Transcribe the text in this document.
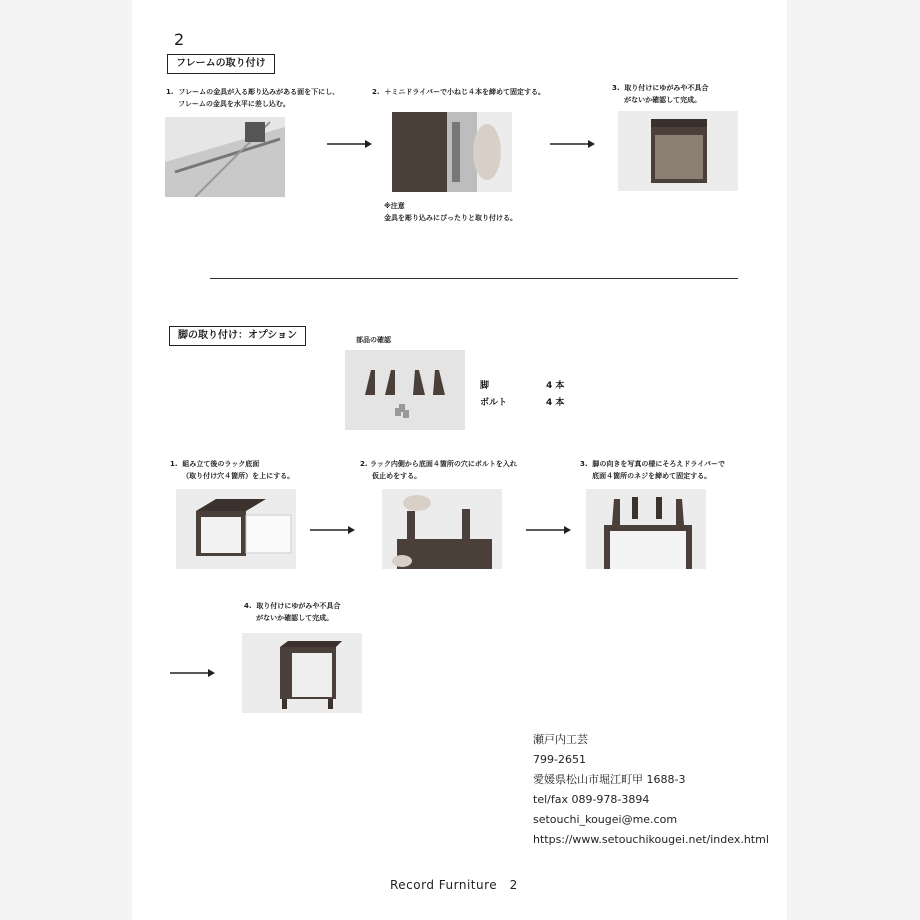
2
フレームの取り付け
1.  フレームの金具が入る彫り込みがある面を下にし、
フレームの金具を水平に差し込む。
2.  ＋ミニドライバーで小ねじ４本を締めて固定する。	3.  取り付けにゆがみや不具合
がないか確認して完成。
※注意
金具を彫り込みにぴったりと取り付ける。
脚の取り付け：オプション	部品の確認
脚	4 本
ボルト	4 本
1.  組み立て後のラック底面
（取り付け穴４箇所）を上にする。
2. ラック内側から底面４箇所の穴にボルトを入れ
仮止めをする。
3.  脚の向きを写真の様にそろえドライバーで
底面４箇所のネジを締めて固定する。
4.  取り付けにゆがみや不具合
がないか確認して完成。
瀬戸内工芸
799-2651
愛媛県松山市堀江町甲 1688-3
tel/fax 089-978-3894
setouchi_kougei@me.com
https://www.setouchikougei.net/index.html
Record Furniture　2
